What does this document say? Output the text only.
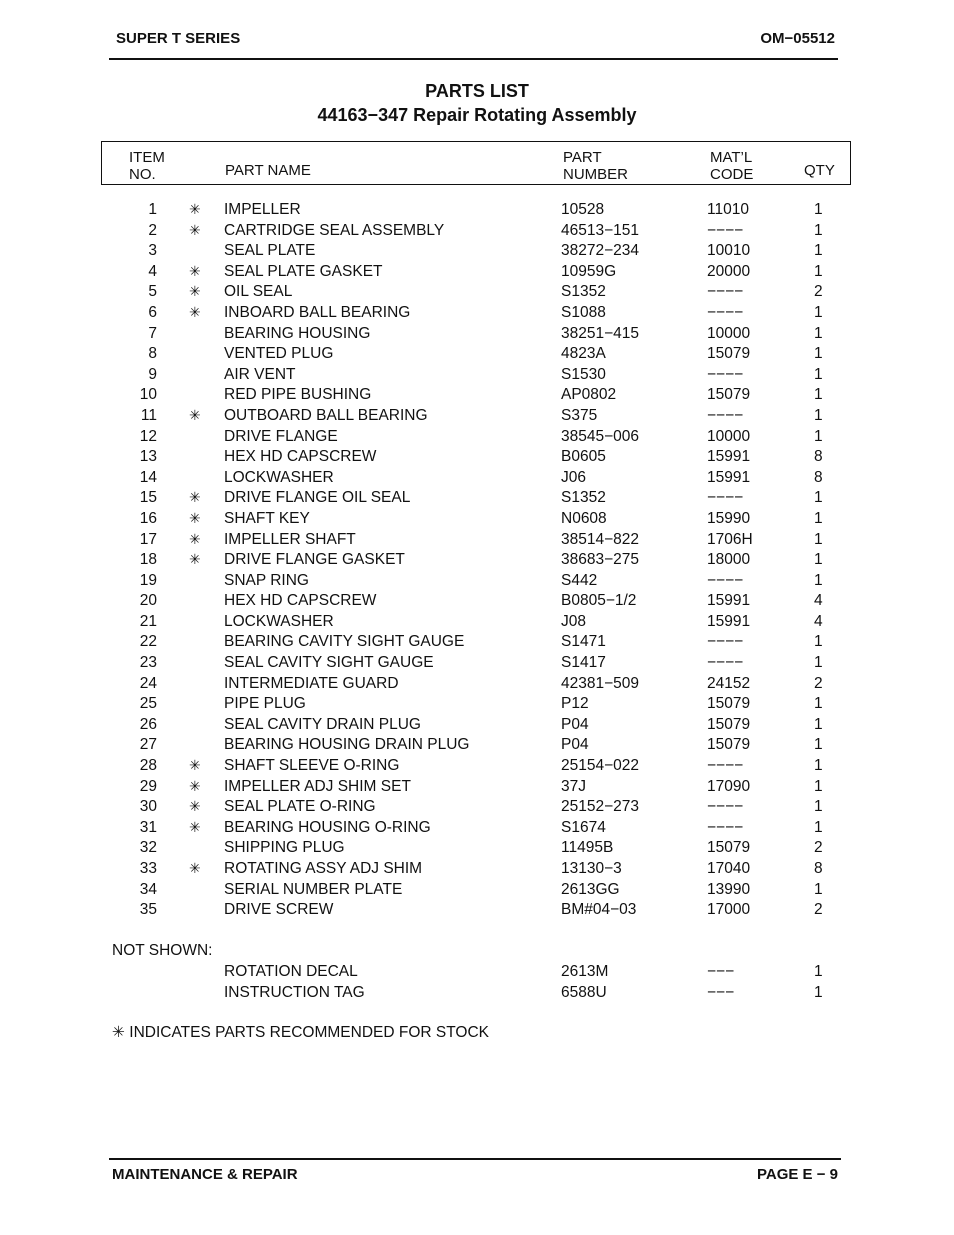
SUPER T SERIES	OM−05512
PARTS LIST
44163−347 Repair Rotating Assembly
ITEM
NO.	PART NAME
PART
NUMBER
MAT’L
CODE	QTY
1 ✳ IMPELLER	10528	11010	1
2 ✳ CARTRIDGE SEAL ASSEMBLY	46513−151	−−−−	1
3	SEAL PLATE	38272−234	10010	1
4 ✳ SEAL PLATE GASKET	10959G	20000	1
5 ✳ OIL SEAL	S1352	−−−−	2
6 ✳ INBOARD BALL BEARING	S1088	−−−−	1
7	BEARING HOUSING	38251−415	10000	1
8	VENTED PLUG	4823A	15079	1
9	AIR VENT	S1530	−−−−	1
10	RED PIPE BUSHING	AP0802	15079	1
11 ✳ OUTBOARD BALL BEARING	S375	−−−−	1
12	DRIVE FLANGE	38545−006	10000	1
13	HEX HD CAPSCREW	B0605	15991	8
14	LOCKWASHER	J06	15991	8
15 ✳ DRIVE FLANGE OIL SEAL	S1352	−−−−	1
16 ✳ SHAFT KEY	N0608	15990	1
17 ✳ IMPELLER SHAFT	38514−822	1706H	1
18 ✳ DRIVE FLANGE GASKET	38683−275	18000	1
19	SNAP RING	S442	−−−−	1
20	HEX HD CAPSCREW	B0805−1/2	15991	4
21	LOCKWASHER	J08	15991	4
22	BEARING CAVITY SIGHT GAUGE	S1471	−−−−	1
23	SEAL CAVITY SIGHT GAUGE	S1417	−−−−	1
24	INTERMEDIATE GUARD	42381−509	24152	2
25	PIPE PLUG	P12	15079	1
26	SEAL CAVITY DRAIN PLUG	P04	15079	1
27	BEARING HOUSING DRAIN PLUG	P04	15079	1
28 ✳ SHAFT SLEEVE O-RING	25154−022	−−−−	1
29 ✳ IMPELLER ADJ SHIM SET	37J	17090	1
30 ✳ SEAL PLATE O-RING	25152−273	−−−−	1
31 ✳ BEARING HOUSING O-RING	S1674	−−−−	1
32	SHIPPING PLUG	11495B	15079	2
33 ✳ ROTATING ASSY ADJ SHIM	13130−3	17040	8
34	SERIAL NUMBER PLATE	2613GG	13990	1
35	DRIVE SCREW	BM#04−03	17000	2
NOT SHOWN:
ROTATION DECAL	2613M	−−−	1
INSTRUCTION TAG	6588U	−−−	1
✳ INDICATES PARTS RECOMMENDED FOR STOCK
MAINTENANCE & REPAIR	PAGE E − 9
